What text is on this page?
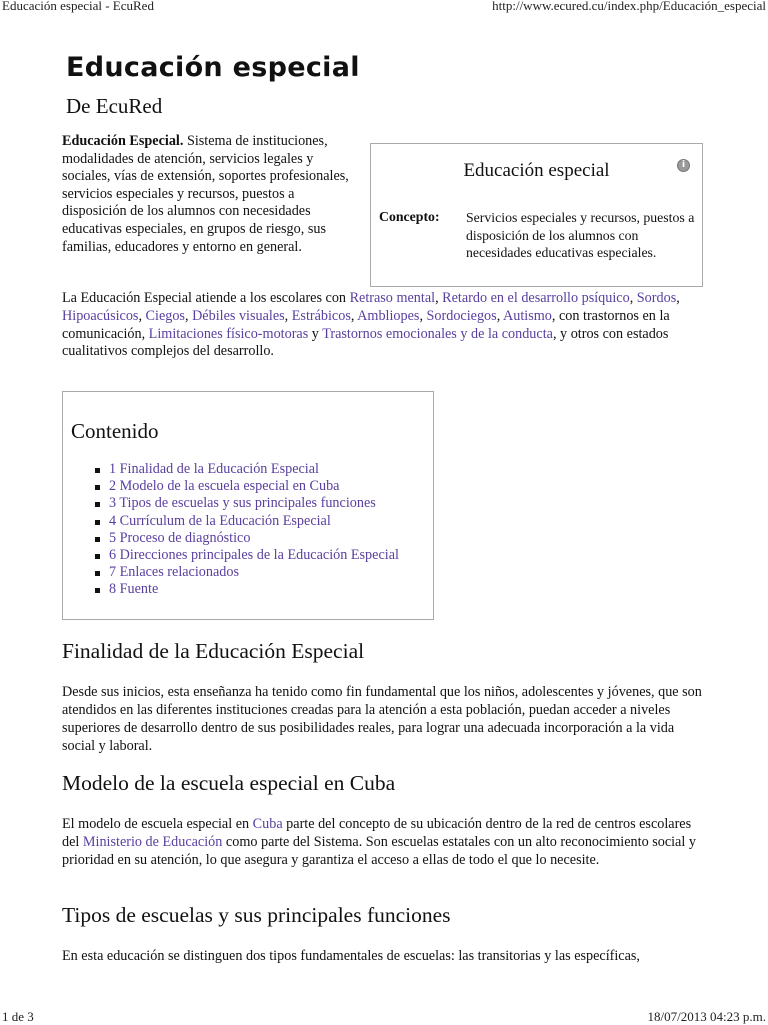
Educación especial - EcuRed	http://www.ecured.cu/index.php/Educación_especial
Educación especial
De EcuRed

Educación Especial. Sistema de instituciones, modalidades de atención, servicios legales y sociales, vías de extensión, soportes profesionales, servicios especiales y recursos, puestos a disposición de los alumnos con necesidades educativas especiales, en grupos de riesgo, sus familias, educadores y entorno en general.

Educación especial	i
Concepto: Servicios especiales y recursos, puestos a disposición de los alumnos con necesidades educativas especiales.

La Educación Especial atiende a los escolares con Retraso mental, Retardo en el desarrollo psíquico, Sordos, Hipoacúsicos, Ciegos, Débiles visuales, Estrábicos, Ambliopes, Sordociegos, Autismo, con trastornos en la comunicación, Limitaciones físico-motoras y Trastornos emocionales y de la conducta, y otros con estados cualitativos complejos del desarrollo.

Contenido
1 Finalidad de la Educación Especial
2 Modelo de la escuela especial en Cuba
3 Tipos de escuelas y sus principales funciones
4 Currículum de la Educación Especial
5 Proceso de diagnóstico
6 Direcciones principales de la Educación Especial
7 Enlaces relacionados
8 Fuente
Finalidad de la Educación Especial

Desde sus inicios, esta enseñanza ha tenido como fin fundamental que los niños, adolescentes y jóvenes, que son atendidos en las diferentes instituciones creadas para la atención a esta población, puedan acceder a niveles superiores de desarrollo dentro de sus posibilidades reales, para lograr una adecuada incorporación a la vida social y laboral.

Modelo de la escuela especial en Cuba

El modelo de escuela especial en Cuba parte del concepto de su ubicación dentro de la red de centros escolares del Ministerio de Educación como parte del Sistema. Son escuelas estatales con un alto reconocimiento social y prioridad en su atención, lo que asegura y garantiza el acceso a ellas de todo el que lo necesite.

Tipos de escuelas y sus principales funciones

En esta educación se distinguen dos tipos fundamentales de escuelas: las transitorias y las específicas,

1 de 3	18/07/2013 04:23 p.m.
